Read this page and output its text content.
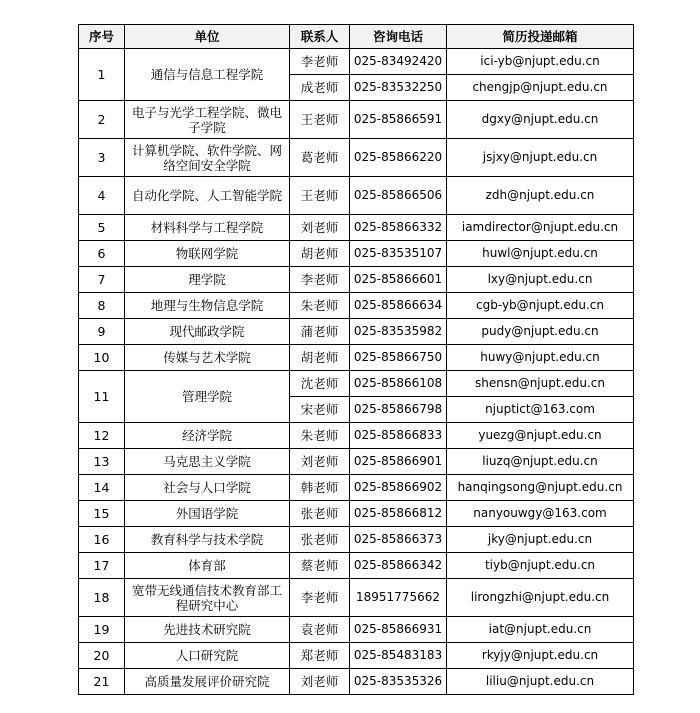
序号	单位	联系人	咨询电话	简历投递邮箱
1	通信与信息工程学院	李老师	025-83492420	ici-yb@njupt.edu.cn
		成老师	025-83532250	chengjp@njupt.edu.cn
2	电子与光学工程学院、微电子学院	王老师	025-85866591	dgxy@njupt.edu.cn
3	计算机学院、软件学院、网络空间安全学院	葛老师	025-85866220	jsjxy@njupt.edu.cn
4	自动化学院、人工智能学院	王老师	025-85866506	zdh@njupt.edu.cn
5	材料科学与工程学院	刘老师	025-85866332	iamdirector@njupt.edu.cn
6	物联网学院	胡老师	025-83535107	huwl@njupt.edu.cn
7	理学院	李老师	025-85866601	lxy@njupt.edu.cn
8	地理与生物信息学院	朱老师	025-85866634	cgb-yb@njupt.edu.cn
9	现代邮政学院	蒲老师	025-83535982	pudy@njupt.edu.cn
10	传媒与艺术学院	胡老师	025-85866750	huwy@njupt.edu.cn
11	管理学院	沈老师	025-85866108	shensn@njupt.edu.cn
		宋老师	025-85866798	njuptict@163.com
12	经济学院	朱老师	025-85866833	yuezg@njupt.edu.cn
13	马克思主义学院	刘老师	025-85866901	liuzq@njupt.edu.cn
14	社会与人口学院	韩老师	025-85866902	hanqingsong@njupt.edu.cn
15	外国语学院	张老师	025-85866812	nanyouwgy@163.com
16	教育科学与技术学院	张老师	025-85866373	jky@njupt.edu.cn
17	体育部	蔡老师	025-85866342	tiyb@njupt.edu.cn
18	宽带无线通信技术教育部工程研究中心	李老师	18951775662	lirongzhi@njupt.edu.cn
19	先进技术研究院	袁老师	025-85866931	iat@njupt.edu.cn
20	人口研究院	郑老师	025-85483183	rkyjy@njupt.edu.cn
21	高质量发展评价研究院	刘老师	025-83535326	liliu@njupt.edu.cn
